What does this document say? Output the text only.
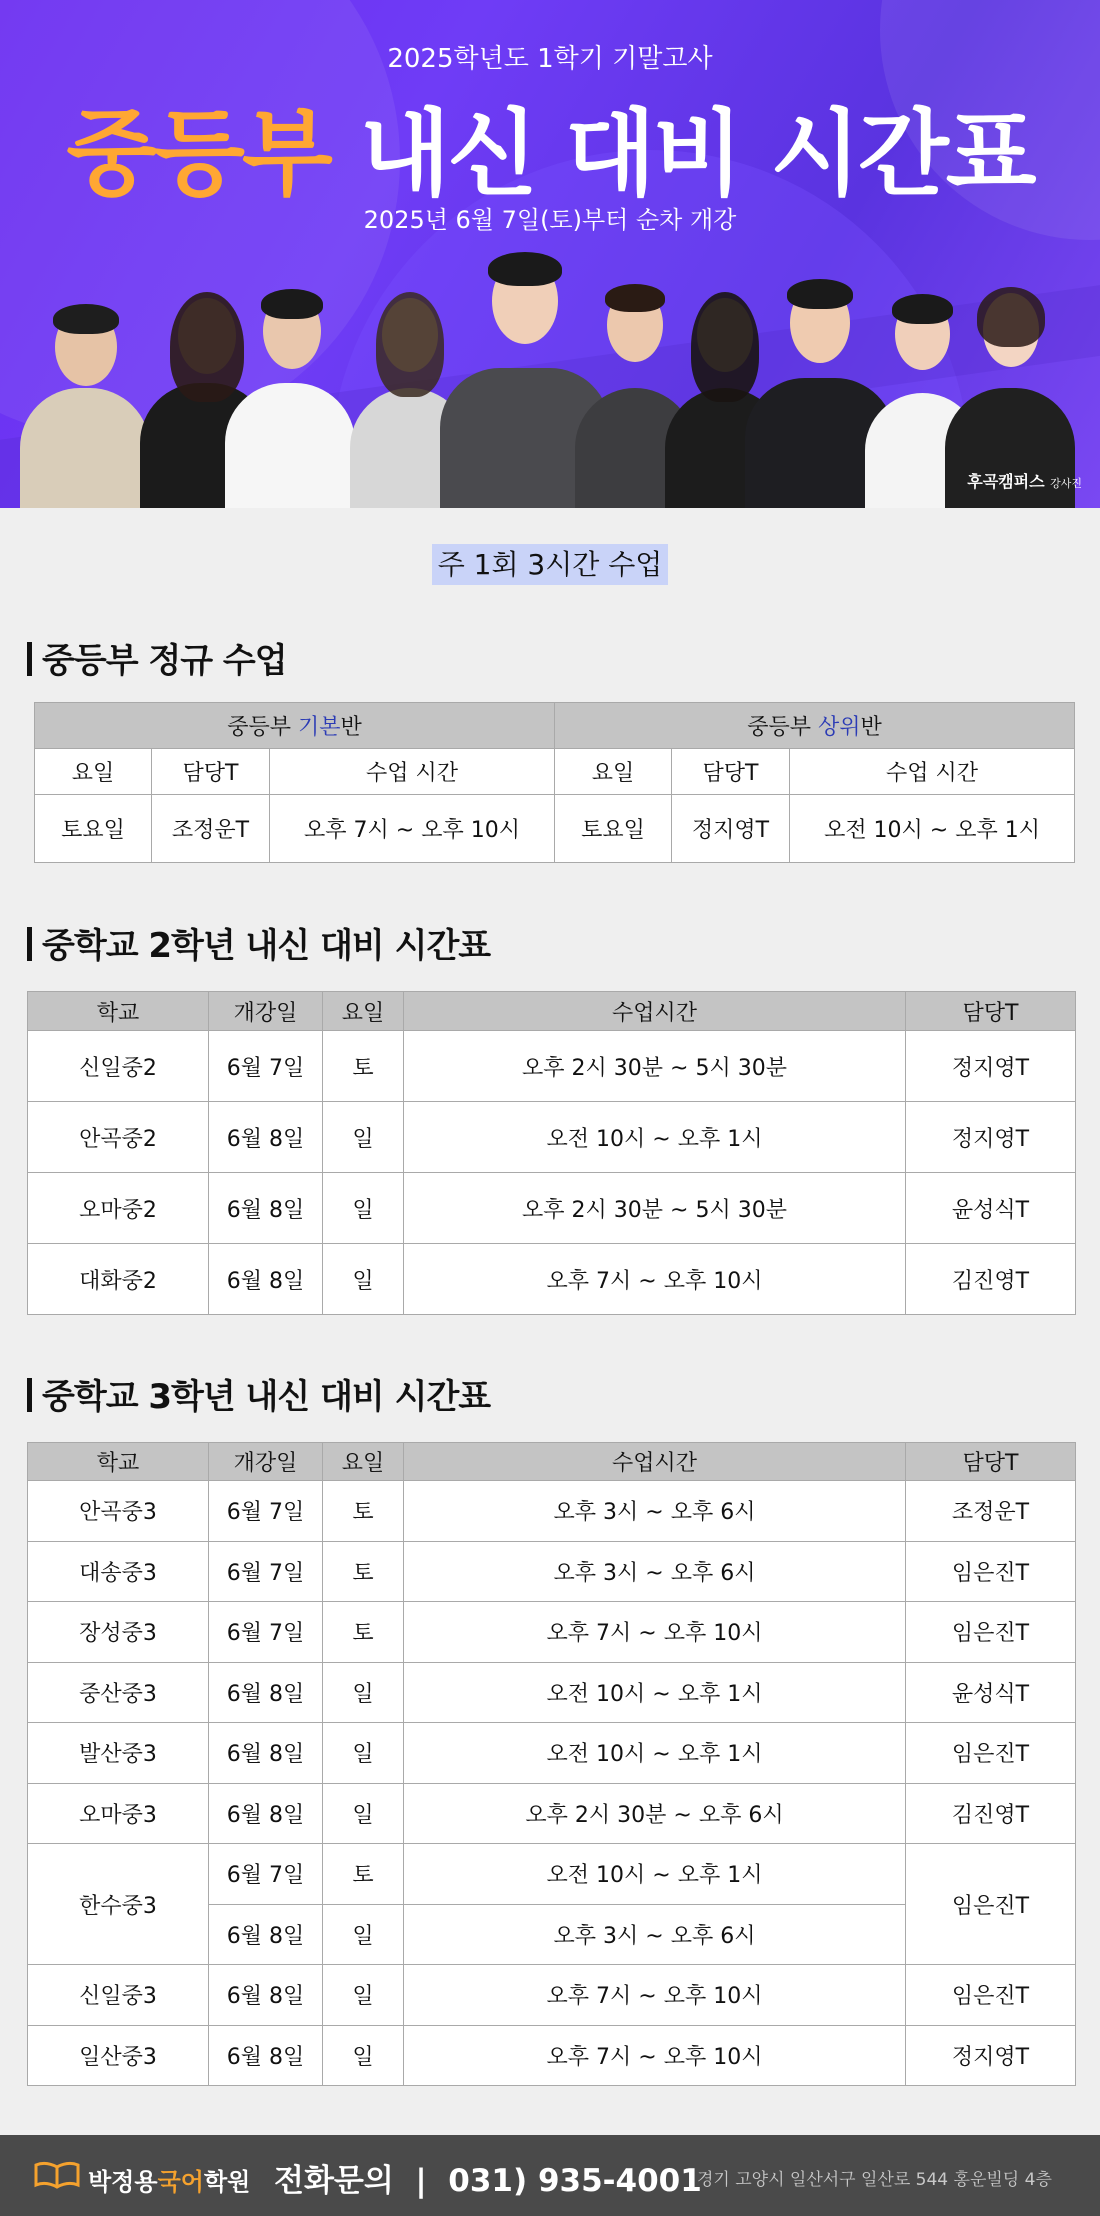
2025학년도 1학기 기말고사
중등부 내신 대비 시간표
2025년 6월 7일(토)부터 순차 개강
후곡캠퍼스 강사진
주 1회 3시간 수업
중등부 정규 수업
중등부 기본반			중등부 상위반		
요일	담당T	수업 시간	요일	담당T	수업 시간
토요일	조정운T	오후 7시 ~ 오후 10시	토요일	정지영T	오전 10시 ~ 오후 1시
중학교 2학년 내신 대비 시간표
학교	개강일	요일	수업시간	담당T
신일중2	6월 7일	토	오후 2시 30분 ~ 5시 30분	정지영T
안곡중2	6월 8일	일	오전 10시 ~ 오후 1시	정지영T
오마중2	6월 8일	일	오후 2시 30분 ~ 5시 30분	윤성식T
대화중2	6월 8일	일	오후 7시 ~ 오후 10시	김진영T
중학교 3학년 내신 대비 시간표
학교	개강일	요일	수업시간	담당T
안곡중3	6월 7일	토	오후 3시 ~ 오후 6시	조정운T
대송중3	6월 7일	토	오후 3시 ~ 오후 6시	임은진T
장성중3	6월 7일	토	오후 7시 ~ 오후 10시	임은진T
중산중3	6월 8일	일	오전 10시 ~ 오후 1시	윤성식T
발산중3	6월 8일	일	오전 10시 ~ 오후 1시	임은진T
오마중3	6월 8일	일	오후 2시 30분 ~ 오후 6시	김진영T
한수중3	6월 7일	토	오전 10시 ~ 오후 1시	임은진T
	6월 8일	일	오후 3시 ~ 오후 6시	
신일중3	6월 8일	일	오후 7시 ~ 오후 10시	임은진T
일산중3	6월 8일	일	오후 7시 ~ 오후 10시	정지영T
박정용국어학원 전화문의  |  031) 935-4001
경기 고양시 일산서구 일산로 544 홍운빌딩 4층
